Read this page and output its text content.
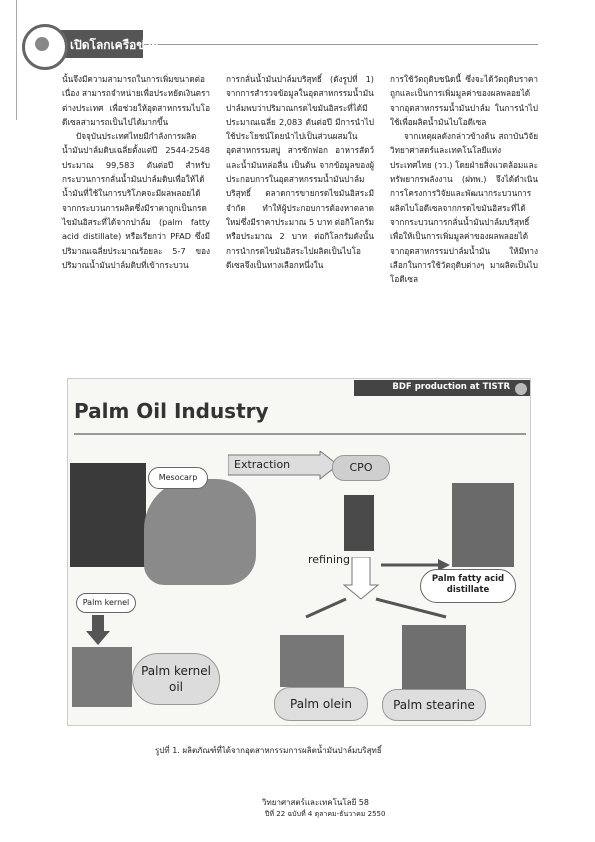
เปิดโลกเครือข่าย

นั้นจึงมีความสามารถในการเพิ่มขนาดต่อเนื่อง สามารถจำหน่ายเพื่อประหยัดเงินตราต่างประเทศ เพื่อช่วยให้อุตสาหกรรมไบโอดีเซลสามารถเป็นไปได้มากขึ้น

ปัจจุบันประเทศไทยมีกำลังการผลิตน้ำมันปาล์มดิบเฉลี่ยตั้งแต่ปี 2544-2548 ประมาณ 99,583 ตันต่อปี สำหรับกระบวนการกลั่นน้ำมันปาล์มดิบเพื่อให้ได้น้ำมันที่ใช้ในการบริโภคจะมีผลพลอยได้จากกระบวนการผลิตซึ่งมีราคาถูกเป็นกรดไขมันอิสระที่ได้จากปาล์ม (palm fatty acid distillate) หรือเรียกว่า PFAD ซึ่งมีปริมาณเฉลี่ยประมาณร้อยละ 5-7 ของปริมาณน้ำมันปาล์มดิบที่เข้ากระบวน

การกลั่นน้ำมันปาล์มบริสุทธิ์ (ดังรูปที่ 1) จากการสำรวจข้อมูลในอุตสาหกรรมน้ำมันปาล์มพบว่าปริมาณกรดไขมันอิสระที่ได้มีประมาณเฉลี่ย 2,083 ตันต่อปี มีการนำไปใช้ประโยชน์โดยนำไปเป็นส่วนผสมในอุตสาหกรรมสบู่ สารซักฟอก อาหารสัตว์ และน้ำมันหล่อลื่น เป็นต้น จากข้อมูลของผู้ประกอบการในอุตสาหกรรมน้ำมันปาล์มบริสุทธิ์ ตลาดการขายกรดไขมันอิสระมีจำกัด ทำให้ผู้ประกอบการต้องหาตลาดใหม่ซึ่งมีราคาประมาณ 5 บาท ต่อกิโลกรัมหรือประมาณ 2 บาท ต่อกิโลกรัมดังนั้นการนำกรดไขมันอิสระไปผลิตเป็นไบโอดีเซลจึงเป็นทางเลือกหนึ่งใน

การใช้วัตถุดิบชนิดนี้ ซึ่งจะได้วัตถุดิบราคาถูกและเป็นการเพิ่มมูลค่าของผลพลอยได้จากอุตสาหกรรมน้ำมันปาล์ม ในการนำไปใช้เพื่อผลิตน้ำมันไบโอดีเซล

จากเหตุผลดังกล่าวข้างต้น สถาบันวิจัยวิทยาศาสตร์และเทคโนโลยีแห่งประเทศไทย (วว.) โดยฝ่ายสิ่งแวดล้อมและทรัพยากรพลังงาน (ฝทพ.) จึงได้ดำเนินการโครงการวิจัยและพัฒนากระบวนการผลิตไบโอดีเซลจากกรดไขมันอิสระที่ได้จากกระบวนการกลั่นน้ำมันปาล์มบริสุทธิ์ เพื่อให้เป็นการเพิ่มมูลค่าของผลพลอยได้จากอุตสาหกรรมปาล์มน้ำมัน ให้มีทางเลือกในการใช้วัตถุดิบต่างๆ มาผลิตเป็นไบโอดีเซล

BDF production at TISTR
Palm Oil Industry
Mesocarp
Palm kernel
Extraction	CPO
refining
Palm fatty acid distillate
Palm kernel oil
Palm olein	Palm stearine
รูปที่ 1. ผลิตภัณฑ์ที่ได้จากอุตสาหกรรมการผลิตน้ำมันปาล์มบริสุทธิ์
วิทยาศาสตร์และเทคโนโลยี 58
ปีที่ 22 ฉบับที่ 4 ตุลาคม-ธันวาคม 2550
